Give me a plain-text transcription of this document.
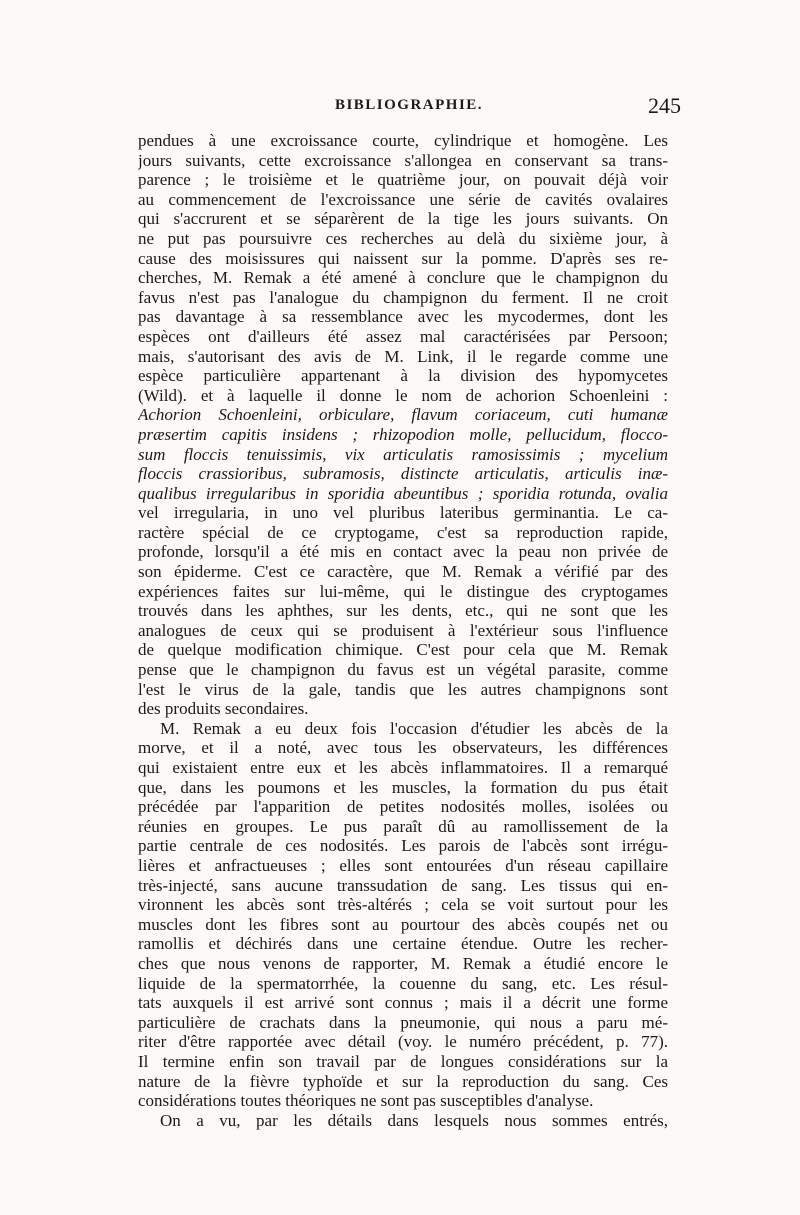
BIBLIOGRAPHIE.	245
pendues à une excroissance courte, cylindrique et homogène. Les
jours suivants, cette excroissance s'allongea en conservant sa trans-
parence ; le troisième et le quatrième jour, on pouvait déjà voir
au commencement de l'excroissance une série de cavités ovalaires
qui s'accrurent et se séparèrent de la tige les jours suivants. On
ne put pas poursuivre ces recherches au delà du sixième jour, à
cause des moisissures qui naissent sur la pomme. D'après ses re-
cherches, M. Remak a été amené à conclure que le champignon du
favus n'est pas l'analogue du champignon du ferment. Il ne croit
pas davantage à sa ressemblance avec les mycodermes, dont les
espèces ont d'ailleurs été assez mal caractérisées par Persoon;
mais, s'autorisant des avis de M. Link, il le regarde comme une
espèce particulière appartenant à la division des hypomycetes
(Wild). et à laquelle il donne le nom de achorion Schoenleini :
Achorion Schoenleini, orbiculare, flavum coriaceum, cuti humanæ
præsertim capitis insidens ; rhizopodion molle, pellucidum, flocco-
sum floccis tenuissimis, vix articulatis ramosissimis ; mycelium
floccis crassioribus, subramosis, distincte articulatis, articulis inæ-
qualibus irregularibus in sporidia abeuntibus ; sporidia rotunda, ovalia
vel irregularia, in uno vel pluribus lateribus germinantia. Le ca-
ractère spécial de ce cryptogame, c'est sa reproduction rapide,
profonde, lorsqu'il a été mis en contact avec la peau non privée de
son épiderme. C'est ce caractère, que M. Remak a vérifié par des
expériences faites sur lui-même, qui le distingue des cryptogames
trouvés dans les aphthes, sur les dents, etc., qui ne sont que les
analogues de ceux qui se produisent à l'extérieur sous l'influence
de quelque modification chimique. C'est pour cela que M. Remak
pense que le champignon du favus est un végétal parasite, comme
l'est le virus de la gale, tandis que les autres champignons sont
des produits secondaires.
M. Remak a eu deux fois l'occasion d'étudier les abcès de la
morve, et il a noté, avec tous les observateurs, les différences
qui existaient entre eux et les abcès inflammatoires. Il a remarqué
que, dans les poumons et les muscles, la formation du pus était
précédée par l'apparition de petites nodosités molles, isolées ou
réunies en groupes. Le pus paraît dû au ramollissement de la
partie centrale de ces nodosités. Les parois de l'abcès sont irrégu-
lières et anfractueuses ; elles sont entourées d'un réseau capillaire
très-injecté, sans aucune transsudation de sang. Les tissus qui en-
vironnent les abcès sont très-altérés ; cela se voit surtout pour les
muscles dont les fibres sont au pourtour des abcès coupés net ou
ramollis et déchirés dans une certaine étendue. Outre les recher-
ches que nous venons de rapporter, M. Remak a étudié encore le
liquide de la spermatorrhée, la couenne du sang, etc. Les résul-
tats auxquels il est arrivé sont connus ; mais il a décrit une forme
particulière de crachats dans la pneumonie, qui nous a paru mé-
riter d'être rapportée avec détail (voy. le numéro précédent, p. 77).
Il termine enfin son travail par de longues considérations sur la
nature de la fièvre typhoïde et sur la reproduction du sang. Ces
considérations toutes théoriques ne sont pas susceptibles d'analyse.
On a vu, par les détails dans lesquels nous sommes entrés,
